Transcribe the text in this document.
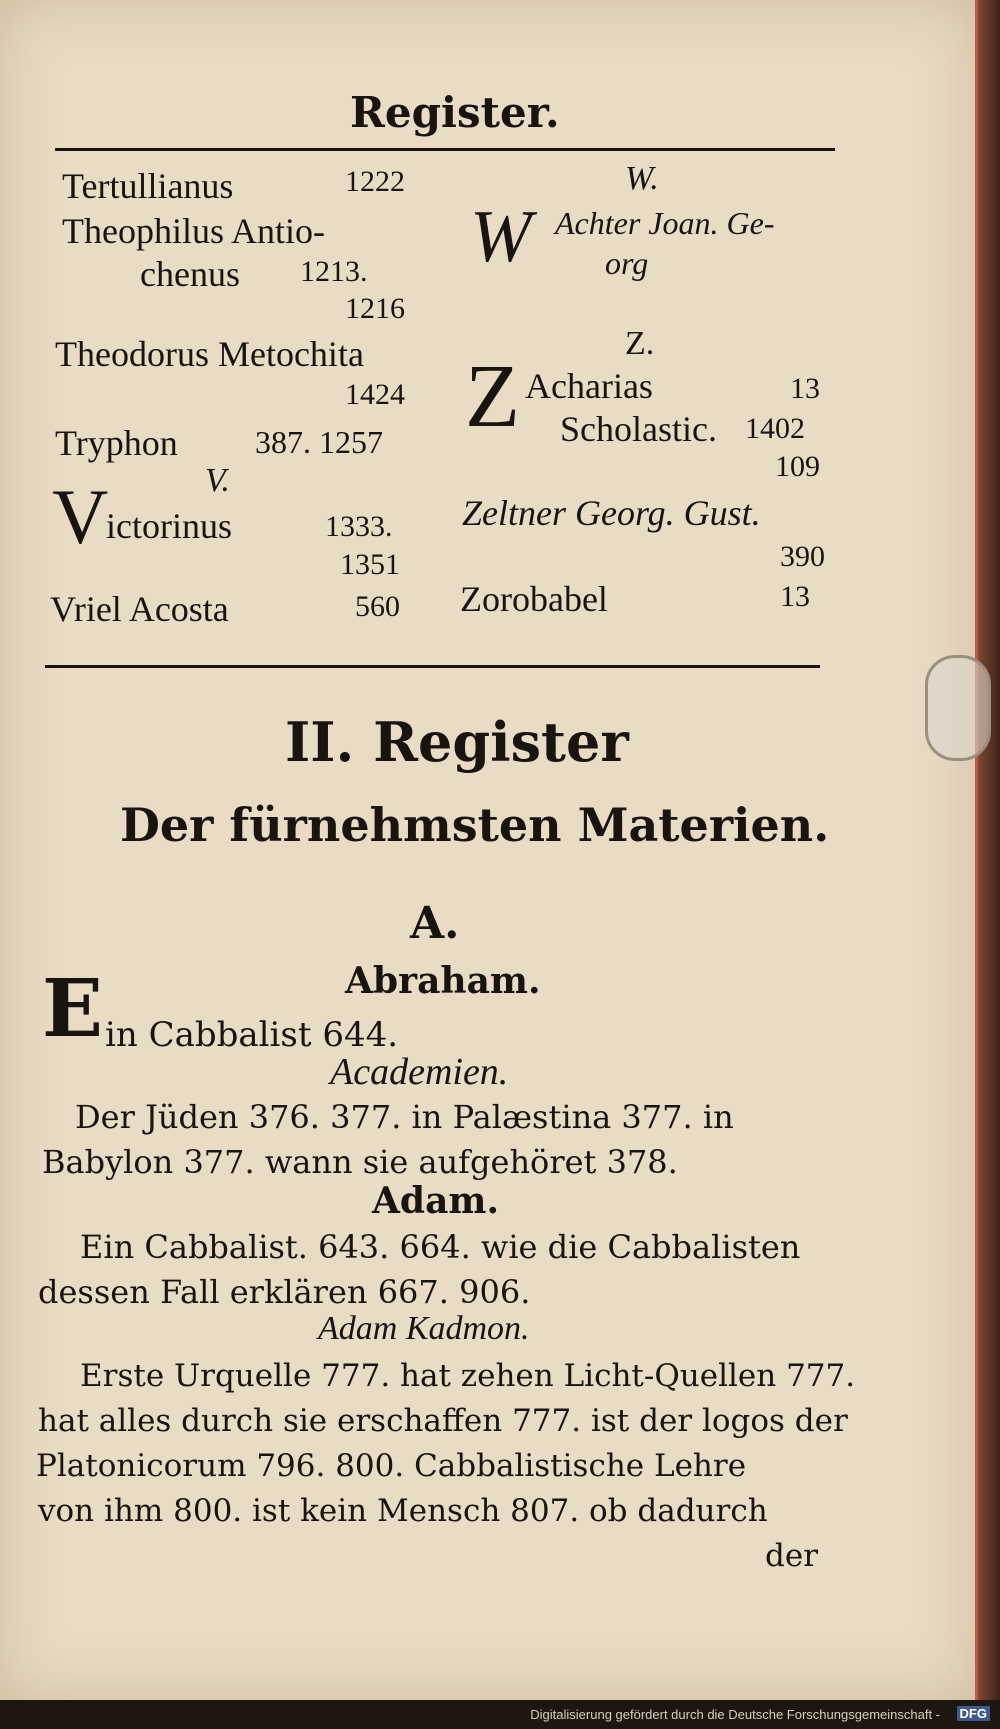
Register.
Tertullianus	1222
Theophilus Antio-
chenus 1213.
1216
Theodorus Metochita
1424
Tryphon 387. 1257
V.
V
ictorinus	1333.
1351
Vriel Acosta	560
W.
W Achter Joan. Ge-
org
Z.
Z Acharias	13
Scholastic. 1402
109
Zeltner Georg. Gust.
390
Zorobabel	13
II. Register
Der fürnehmsten Materien.
A.
Abraham.
E in Cabbalist 644.
Academien.
Der Jüden 376. 377. in Palæstina 377. in
Babylon 377. wann sie aufgehöret 378.
Adam.
Ein Cabbalist. 643. 664. wie die Cabbalisten
dessen Fall erklären 667. 906.
Adam Kadmon.
Erste Urquelle 777. hat zehen Licht-Quellen 777.
hat alles durch sie erschaffen 777. ist der logos der
Platonicorum 796. 800. Cabbalistische Lehre
von ihm 800. ist kein Mensch 807. ob dadurch
der
Digitalisierung gefördert durch die Deutsche Forschungsgemeinschaft - DFG
